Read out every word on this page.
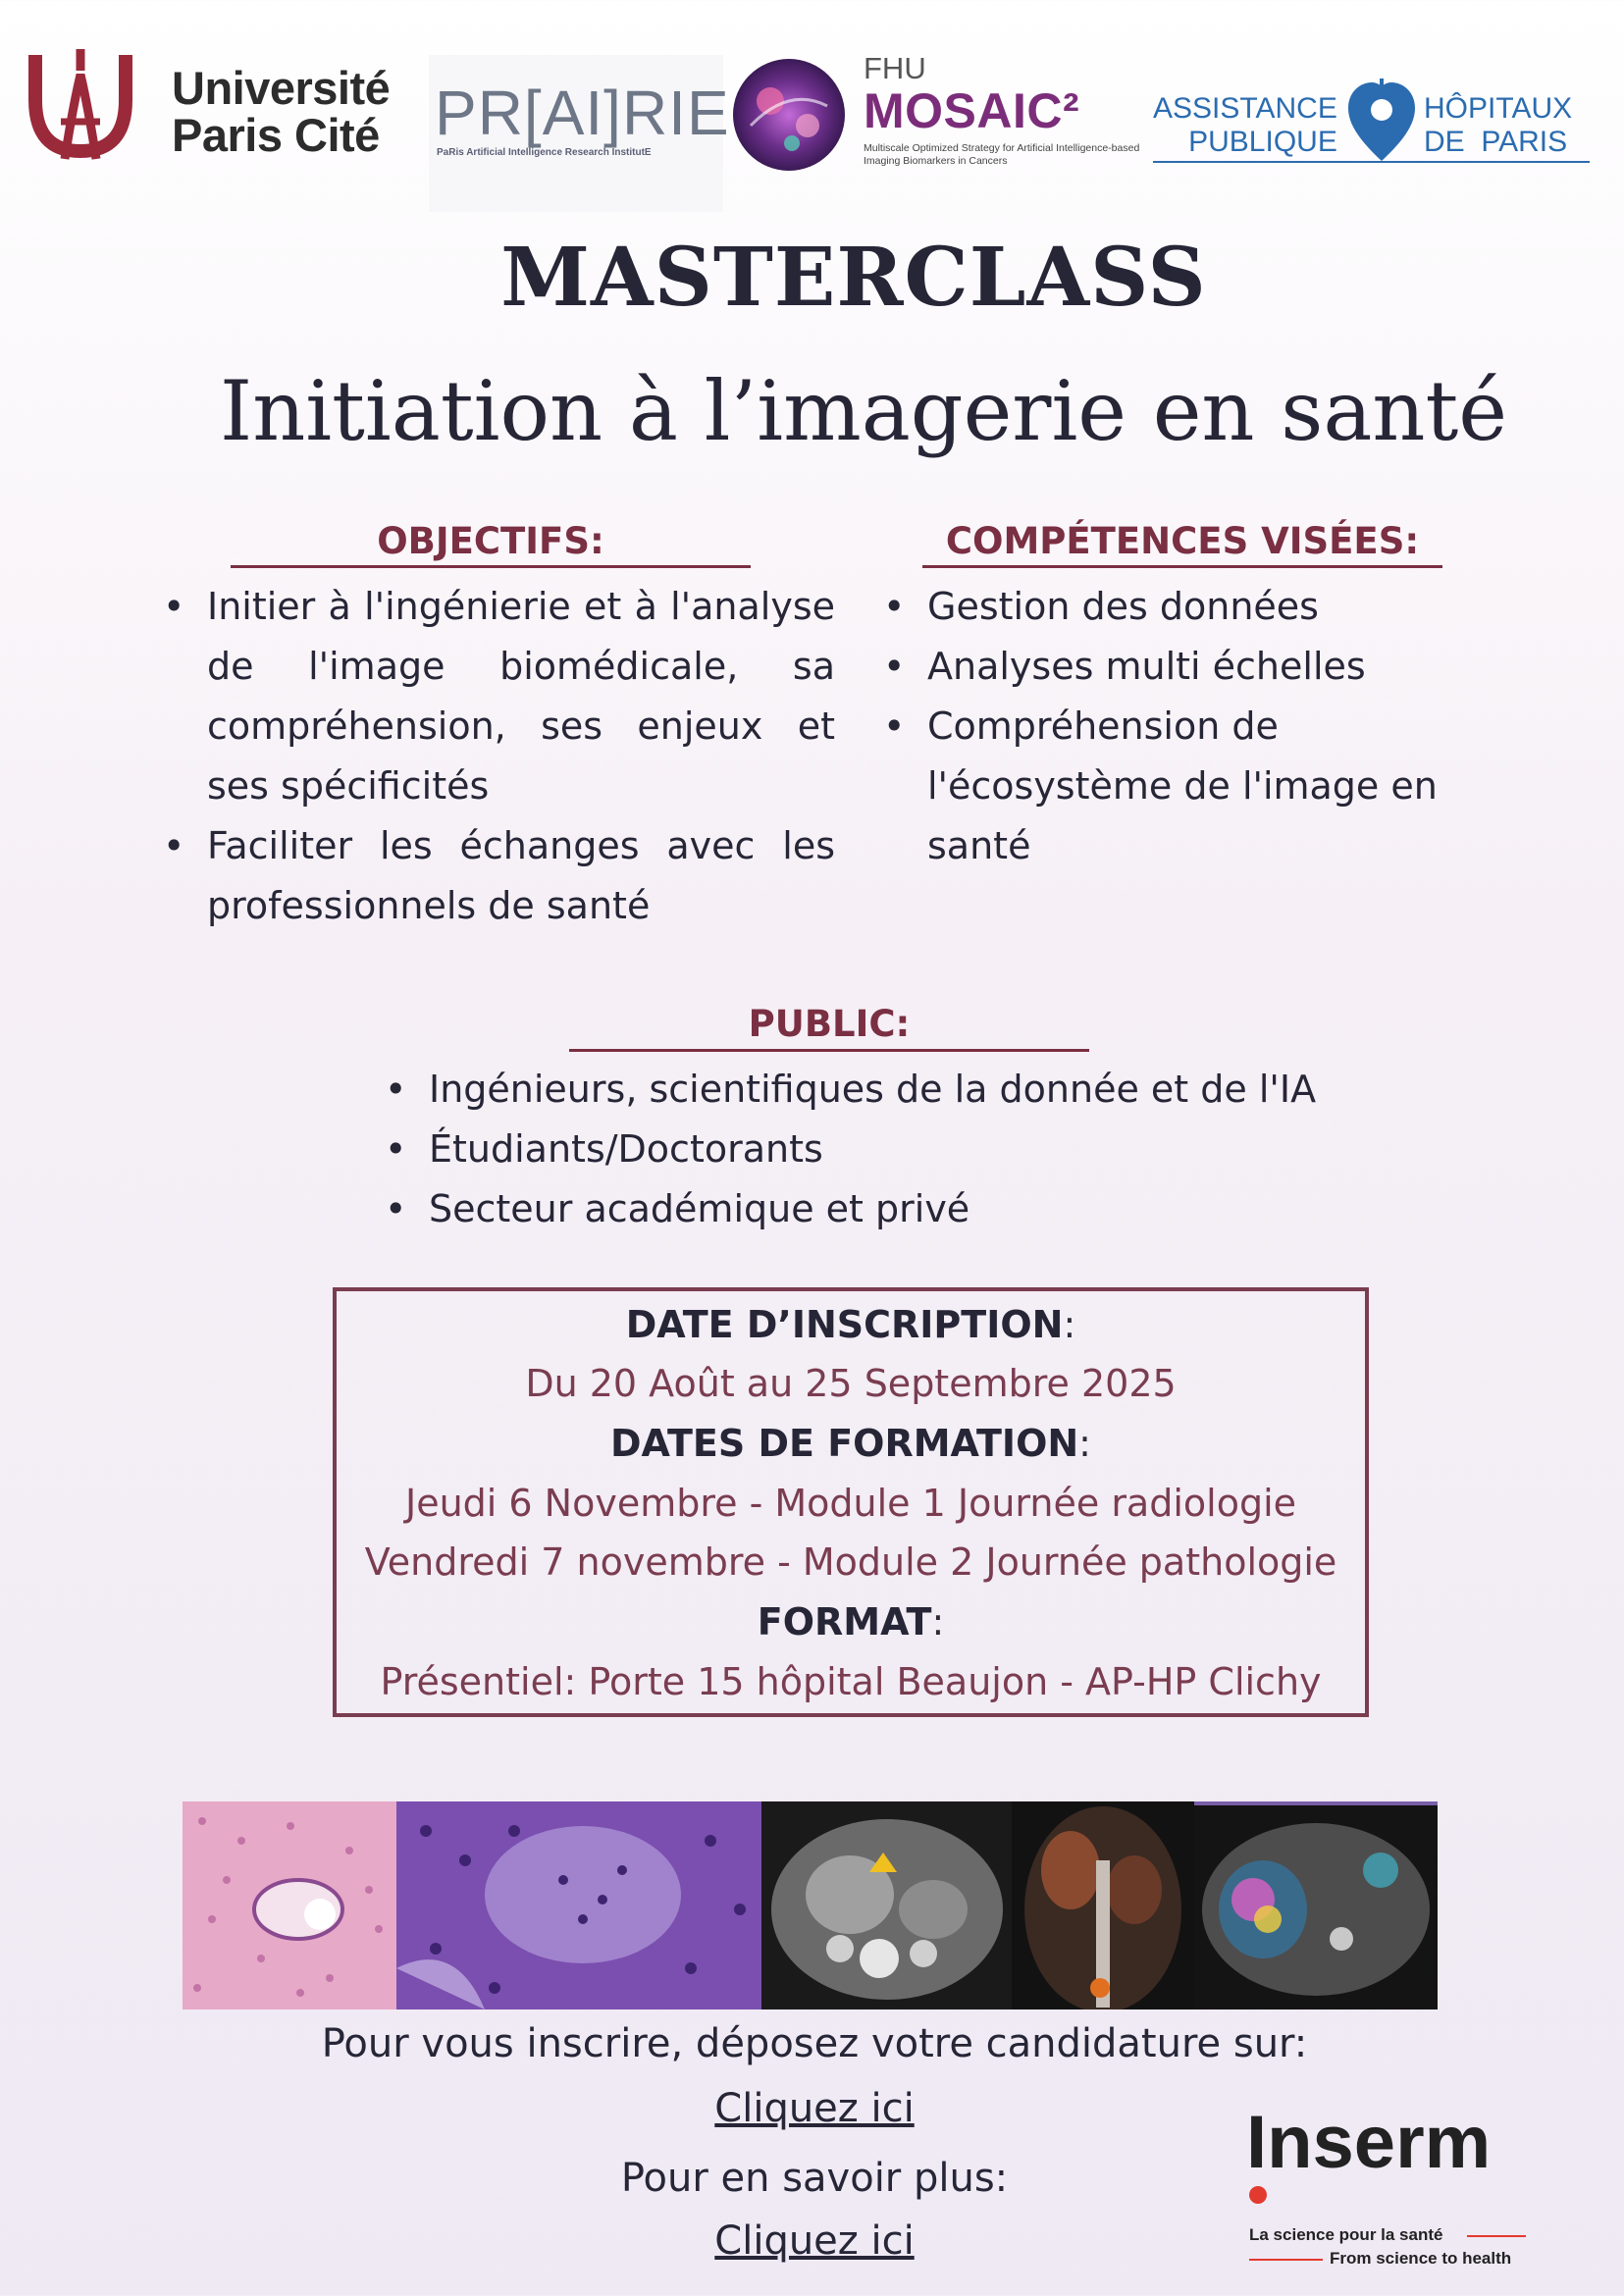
Université
Paris Cité PR[AI]RIE
PaRis Artificial Intelligence Research InstitutE
FHU
MOSAIC²
Multiscale Optimized Strategy for Artificial Intelligence-based Imaging Biomarkers in Cancers
ASSISTANCE
PUBLIQUE
HÔPITAUX
DE  PARIS
MASTERCLASS
Initiation à l’imagerie en santé
OBJECTIFS:
• Initier à l'ingénierie et à l'analyse de l'image biomédicale, sa compréhension, ses enjeux et ses spécificités
• Faciliter les échanges avec les professionnels de santé
COMPÉTENCES VISÉES:
• Gestion des données
• Analyses multi échelles
• Compréhension de l'écosystème de l'image en santé
PUBLIC:
• Ingénieurs, scientifiques de la donnée et de l'IA
• Étudiants/Doctorants
• Secteur académique et privé
DATE D’INSCRIPTION:
Du 20 Août au 25 Septembre 2025
DATES DE FORMATION:
Jeudi 6 Novembre - Module 1 Journée radiologie
Vendredi 7 novembre - Module 2 Journée pathologie
FORMAT:
Présentiel: Porte 15 hôpital Beaujon - AP-HP Clichy
Pour vous inscrire, déposez votre candidature sur:
Cliquez ici
Pour en savoir plus:
Cliquez ici
Inserm
La science pour la santé
From science to health
